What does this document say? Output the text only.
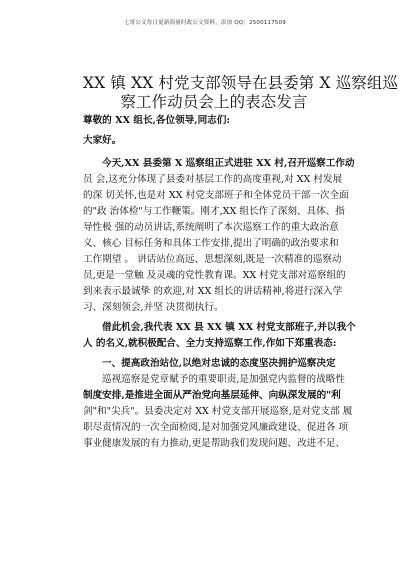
七哥公文每日更新海量时政公文资料，添加 QQ：2500117509
XX 镇 XX 村党支部领导在县委第 X 巡察组巡
察工作动员会上的表态发言

尊敬的 XX 组长,各位领导,同志们:
大家好。

今天,XX 县委第 X 巡察组正式进驻 XX 村,召开巡察工作动
员 会,这充分体现了县委对基层工作的高度重视,对 XX 村发展
的深 切关怀,也是对 XX 村党支部班子和全体党员干部一次全面
的"政 治体检"与工作鞭策。刚才,XX 组长作了深刻、具体、指
导性极 强的动员讲话,系统阐明了本次巡察工作的重大政治意
义、核心 目标任务和具体工作安排,提出了明确的政治要求和
工作期望 。 讲话站位高远、思想深刻,既是一次精准的巡察动
员,更是一堂触 及灵魂的党性教育课。XX 村党支部对巡察组的
到来表示最诚挚 的欢迎,对 XX 组长的讲话精神,将进行深入学
习、深刻领会,并坚 决贯彻执行。

借此机会,我代表 XX 县 XX 镇 XX 村党支部班子,并以我个
人 的名义,就积极配合、全力支持巡察工作,作如下郑重表态:

一、提高政治站位,以绝对忠诚的态度坚决拥护巡察决定
巡视巡察是党章赋予的重要职责,是加强党内监督的战略性
制度安排,是推进全面从严治党向基层延伸、向纵深发展的"利
剑"和"尖兵"。县委决定对 XX 村党支部开展巡察,是对党支部 履
职尽责情况的一次全面检阅,是对加强党风廉政建设、促进各 项
事业健康发展的有力推动,更是帮助我们发现问题、改进不足、
